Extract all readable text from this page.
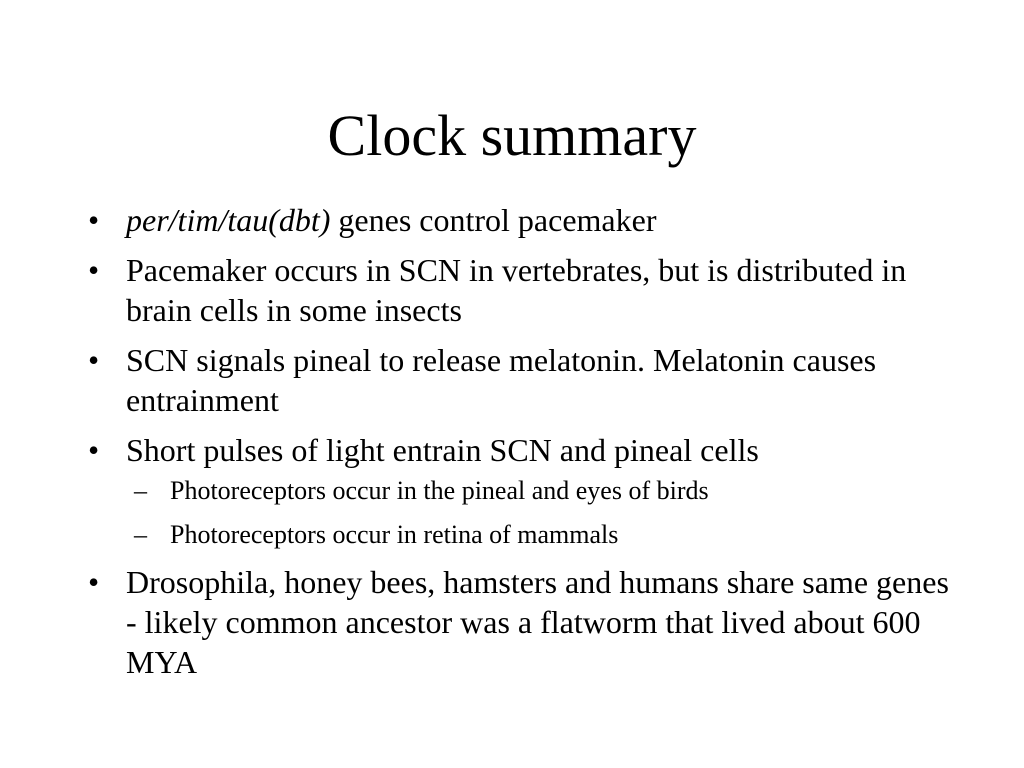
Clock summary
• per/tim/tau(dbt) genes control pacemaker
• Pacemaker occurs in SCN in vertebrates, but is distributed in brain cells in some insects
• SCN signals pineal to release melatonin. Melatonin causes entrainment
• Short pulses of light entrain SCN and pineal cells
– Photoreceptors occur in the pineal and eyes of birds
– Photoreceptors occur in retina of mammals
• Drosophila, honey bees, hamsters and humans share same genes - likely common ancestor was a flatworm that lived about 600 MYA
